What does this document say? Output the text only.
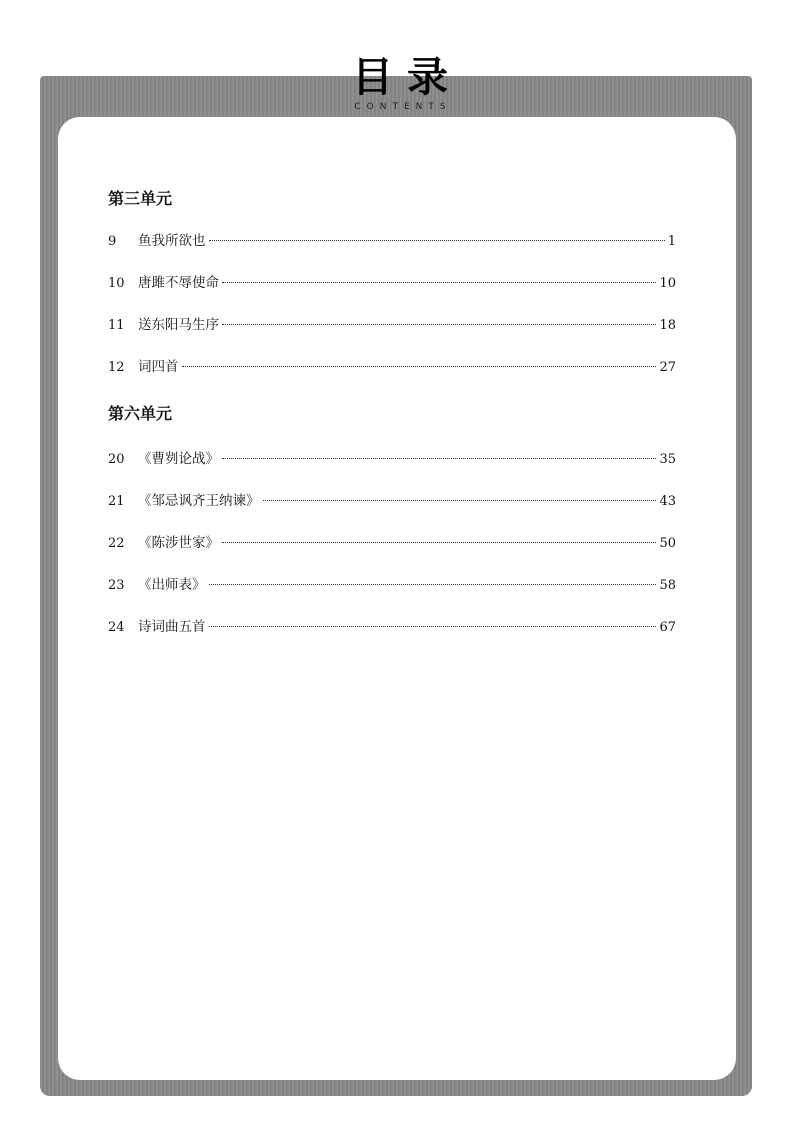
目录
CONTENTS
第三单元
9	鱼我所欲也	1
10 唐雎不辱使命	10
11 送东阳马生序	18
12 词四首	27
第六单元
20 《曹刿论战》	35
21 《邹忌讽齐王纳谏》	43
22 《陈涉世家》	50
23 《出师表》	58
24 诗词曲五首	67
